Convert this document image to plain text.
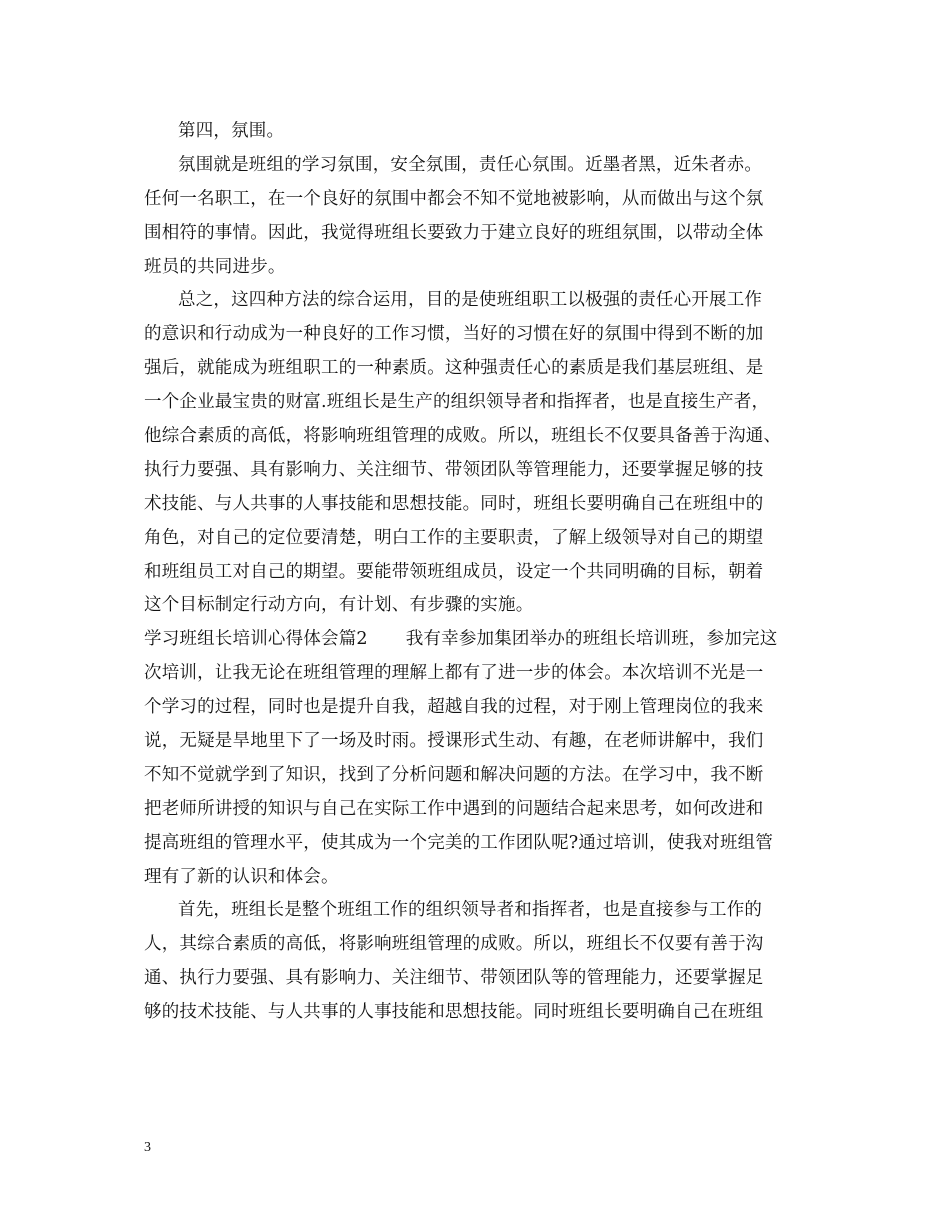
第四，氛围。
氛围就是班组的学习氛围，安全氛围，责任心氛围。近墨者黑，近朱者赤。
任何一名职工，在一个良好的氛围中都会不知不觉地被影响，从而做出与这个氛
围相符的事情。因此，我觉得班组长要致力于建立良好的班组氛围，以带动全体
班员的共同进步。
总之，这四种方法的综合运用，目的是使班组职工以极强的责任心开展工作
的意识和行动成为一种良好的工作习惯，当好的习惯在好的氛围中得到不断的加
强后，就能成为班组职工的一种素质。这种强责任心的素质是我们基层班组、是
一个企业最宝贵的财富.班组长是生产的组织领导者和指挥者，也是直接生产者，
他综合素质的高低，将影响班组管理的成败。所以，班组长不仅要具备善于沟通、
执行力要强、具有影响力、关注细节、带领团队等管理能力，还要掌握足够的技
术技能、与人共事的人事技能和思想技能。同时，班组长要明确自己在班组中的
角色，对自己的定位要清楚，明白工作的主要职责，了解上级领导对自己的期望
和班组员工对自己的期望。要能带领班组成员，设定一个共同明确的目标，朝着
这个目标制定行动方向，有计划、有步骤的实施。
学习班组长培训心得体会篇2 我有幸参加集团举办的班组长培训班，参加完这
次培训，让我无论在班组管理的理解上都有了进一步的体会。本次培训不光是一
个学习的过程，同时也是提升自我，超越自我的过程，对于刚上管理岗位的我来
说，无疑是旱地里下了一场及时雨。授课形式生动、有趣，在老师讲解中，我们
不知不觉就学到了知识，找到了分析问题和解决问题的方法。在学习中，我不断
把老师所讲授的知识与自己在实际工作中遇到的问题结合起来思考，如何改进和
提高班组的管理水平，使其成为一个完美的工作团队呢?通过培训，使我对班组管
理有了新的认识和体会。
首先，班组长是整个班组工作的组织领导者和指挥者，也是直接参与工作的
人，其综合素质的高低，将影响班组管理的成败。所以，班组长不仅要有善于沟
通、执行力要强、具有影响力、关注细节、带领团队等的管理能力，还要掌握足
够的技术技能、与人共事的人事技能和思想技能。同时班组长要明确自己在班组
3
